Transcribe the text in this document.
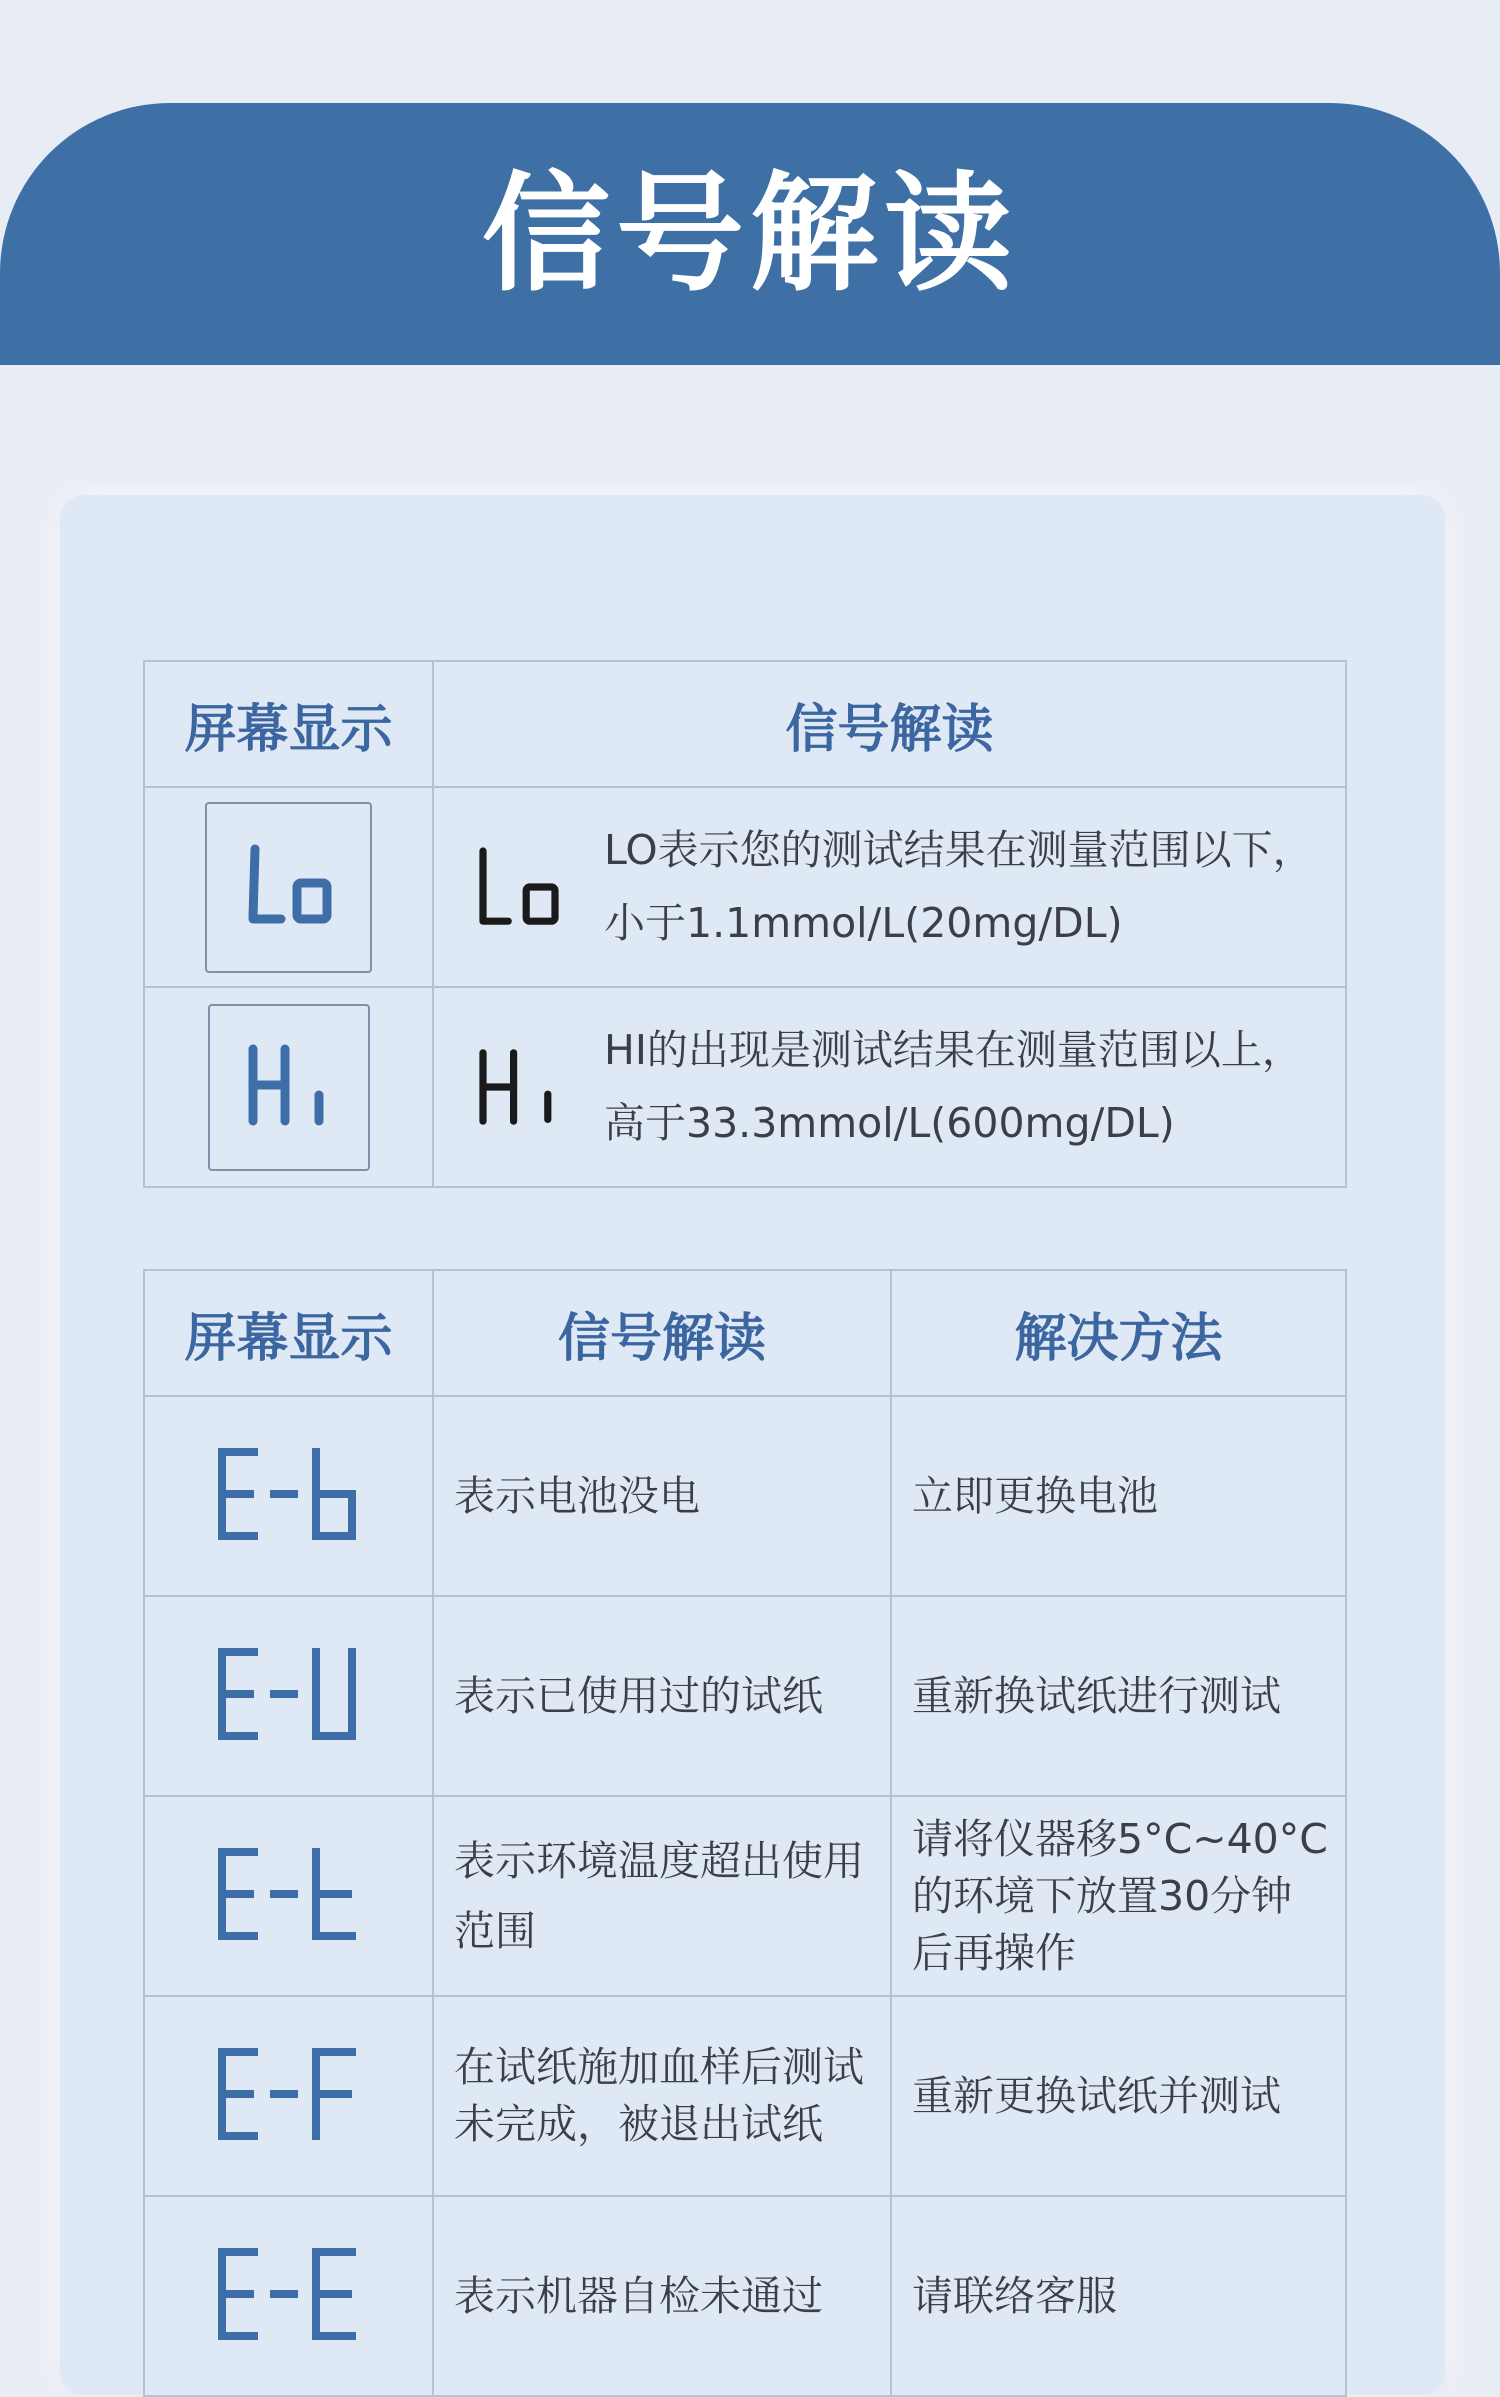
信号解读
屏幕显示	信号解读

LO表示您的测试结果在测量范围以下， 小于1.1mmol/L(20mg/DL)

HI的出现是测试结果在测量范围以上，高于33.3mmol/L(600mg/DL)
屏幕显示	信号解读	解决方法

表示电池没电	立即更换电池

表示已使用过的试纸	重新换试纸进行测试

表示环境温度超出使用范围	请将仪器移5°C~40°C的环境下放置30分钟后再操作

在试纸施加血样后测试未完成，被退出试纸	重新更换试纸并测试

表示机器自检未通过	请联络客服
